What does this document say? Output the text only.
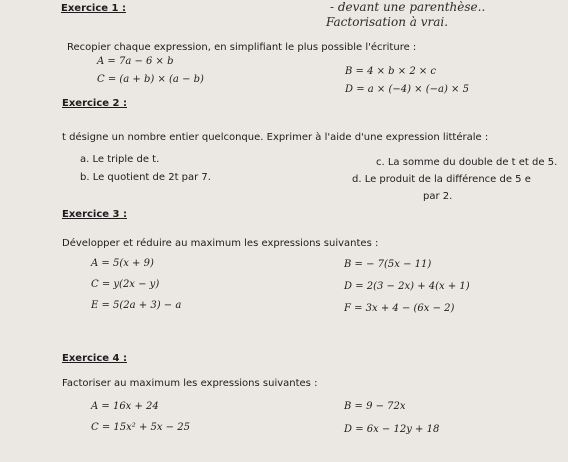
- devant une parenthèse..
Factorisation à vrai.
Exercice 1 :
Recopier chaque expression, en simplifiant le plus possible l'écriture :
A = 7a − 6 × b
C = (a + b) × (a − b)
B = 4 × b × 2 × c
D = a × (−4) × (−a) × 5
Exercice 2 :
t désigne un nombre entier quelconque. Exprimer à l'aide d'une expression littérale :
a. Le triple de t.
b. Le quotient de 2t par 7.
c. La somme du double de t et de 5.
d. Le produit de la différence de 5 e
par 2.
Exercice 3 :
Développer et réduire au maximum les expressions suivantes :
A = 5(x + 9)	B = − 7(5x − 11)
C = y(2x − y)	D = 2(3 − 2x) + 4(x + 1)
E = 5(2a + 3) − a	F = 3x + 4 − (6x − 2)
Exercice 4 :
Factoriser au maximum les expressions suivantes :
A = 16x + 24	B = 9 − 72x
C = 15x² + 5x − 25	D = 6x − 12y + 18
